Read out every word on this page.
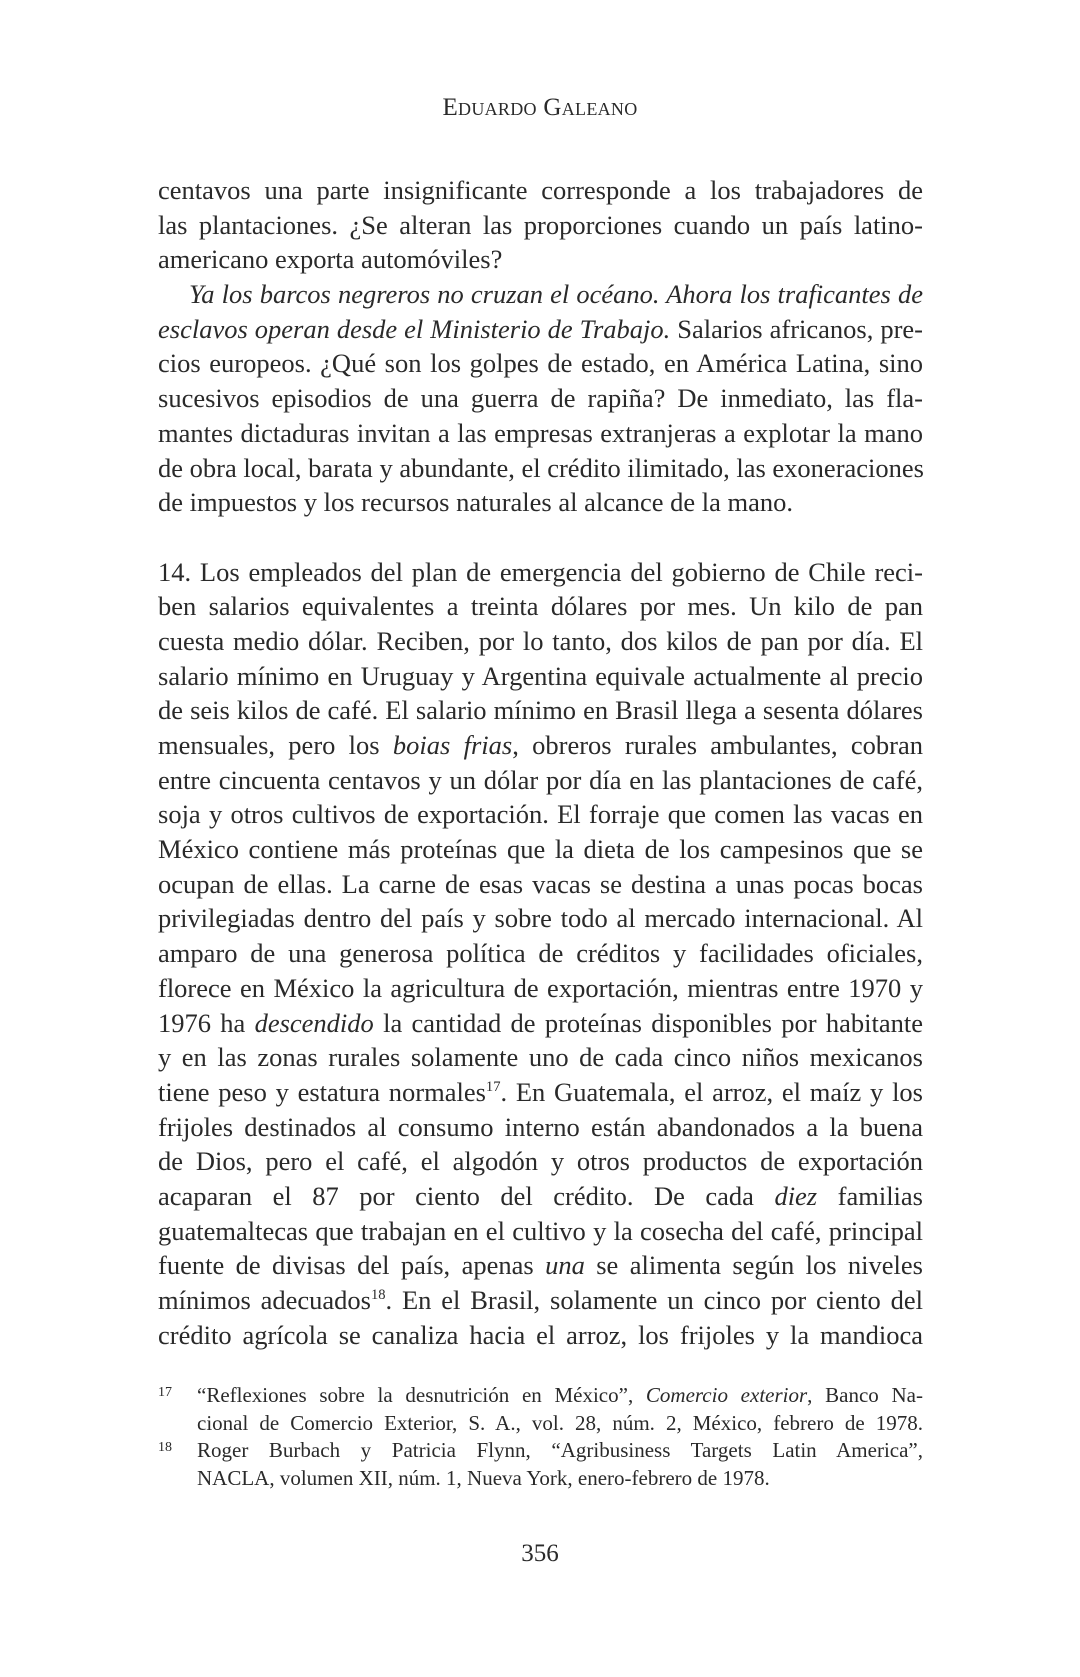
Eduardo Galeano
centavos una parte insignificante corresponde a los trabajadores de
las plantaciones. ¿Se alteran las proporciones cuando un país latino-
americano exporta automóviles?
Ya los barcos negreros no cruzan el océano. Ahora los traficantes de
esclavos operan desde el Ministerio de Trabajo. Salarios africanos, pre-
cios europeos. ¿Qué son los golpes de estado, en América Latina, sino
sucesivos episodios de una guerra de rapiña? De inmediato, las fla-
mantes dictaduras invitan a las empresas extranjeras a explotar la mano
de obra local, barata y abundante, el crédito ilimitado, las exoneraciones
de impuestos y los recursos naturales al alcance de la mano.
14. Los empleados del plan de emergencia del gobierno de Chile reci-
ben salarios equivalentes a treinta dólares por mes. Un kilo de pan
cuesta medio dólar. Reciben, por lo tanto, dos kilos de pan por día. El
salario mínimo en Uruguay y Argentina equivale actualmente al precio
de seis kilos de café. El salario mínimo en Brasil llega a sesenta dólares
mensuales, pero los boias frias, obreros rurales ambulantes, cobran
entre cincuenta centavos y un dólar por día en las plantaciones de café,
soja y otros cultivos de exportación. El forraje que comen las vacas en
México contiene más proteínas que la dieta de los campesinos que se
ocupan de ellas. La carne de esas vacas se destina a unas pocas bocas
privilegiadas dentro del país y sobre todo al mercado internacional. Al
amparo de una generosa política de créditos y facilidades oficiales,
florece en México la agricultura de exportación, mientras entre 1970 y
1976 ha descendido la cantidad de proteínas disponibles por habitante
y en las zonas rurales solamente uno de cada cinco niños mexicanos
tiene peso y estatura normales$^{17}$. En Guatemala, el arroz, el maíz y los
frijoles destinados al consumo interno están abandonados a la buena
de Dios, pero el café, el algodón y otros productos de exportación
acaparan el 87 por ciento del crédito. De cada diez familias
guatemaltecas que trabajan en el cultivo y la cosecha del café, principal
fuente de divisas del país, apenas una se alimenta según los niveles
mínimos adecuados$^{18}$. En el Brasil, solamente un cinco por ciento del
crédito agrícola se canaliza hacia el arroz, los frijoles y la mandioca
17 “Reflexiones sobre la desnutrición en México”, Comercio exterior, Banco Na-
cional de Comercio Exterior, S. A., vol. 28, núm. 2, México, febrero de 1978.
18 Roger Burbach y Patricia Flynn, “Agribusiness Targets Latin America”,
NACLA, volumen XII, núm. 1, Nueva York, enero-febrero de 1978.
356
